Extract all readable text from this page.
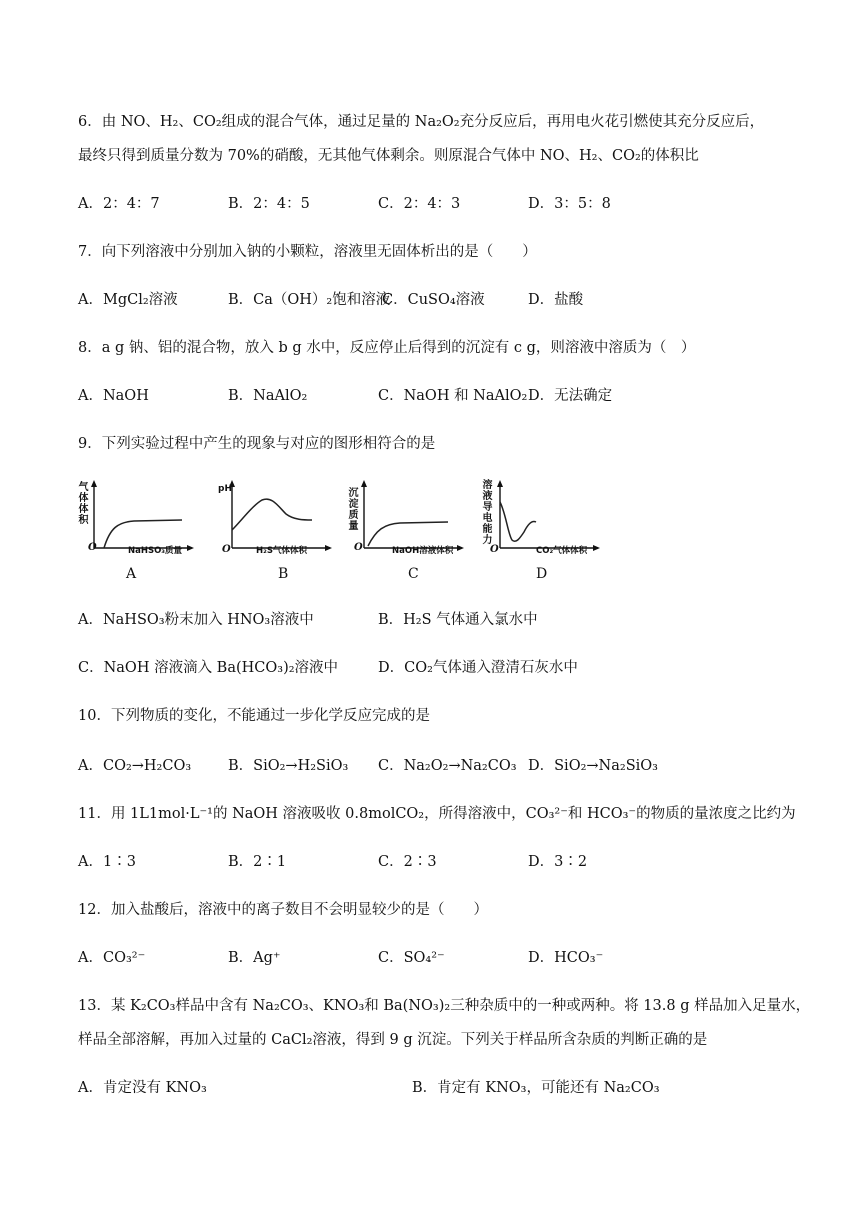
6．由 NO、H₂、CO₂组成的混合气体，通过足量的 Na₂O₂充分反应后，再用电火花引燃使其充分反应后，
最终只得到质量分数为 70%的硝酸，无其他气体剩余。则原混合气体中 NO、H₂、CO₂的体积比
A．2：4：7	B．2：4：5	C．2：4：3	D．3：5：8
7．向下列溶液中分别加入钠的小颗粒，溶液里无固体析出的是（　　）
A．MgCl₂溶液	B．Ca（OH）₂饱和溶液
C．CuSO₄溶液	D．盐酸
8．a g 钠、铝的混合物，放入 b g 水中，反应停止后得到的沉淀有 c g，则溶液中溶质为（　）
A．NaOH	B．NaAlO₂	C．NaOH 和 NaAlO₂ D．无法确定
9．下列实验过程中产生的现象与对应的图形相符合的是
气体体积
O	NaHSO₃质量
A
pH
O	H₂S气体体积
B
沉淀质量
O	NaOH溶液体积
C
溶液导电能力
O	CO₂气体体积
D
A．NaHSO₃粉末加入 HNO₃溶液中	B．H₂S 气体通入氯水中
C．NaOH 溶液滴入 Ba(HCO₃)₂溶液中	D．CO₂气体通入澄清石灰水中
10．下列物质的变化，不能通过一步化学反应完成的是
A．CO₂→H₂CO₃	B．SiO₂→H₂SiO₃ C．Na₂O₂→Na₂CO₃ D．SiO₂→Na₂SiO₃
11．用 1L1mol·L⁻¹的 NaOH 溶液吸收 0.8molCO₂，所得溶液中，CO₃²⁻和 HCO₃⁻的物质的量浓度之比约为
A．1∶3	B．2∶1	C．2∶3	D．3∶2
12．加入盐酸后，溶液中的离子数目不会明显较少的是（　　）
A．CO₃²⁻	B．Ag⁺	C．SO₄²⁻	D．HCO₃⁻
13．某 K₂CO₃样品中含有 Na₂CO₃、KNO₃和 Ba(NO₃)₂三种杂质中的一种或两种。将 13.8 g 样品加入足量水，
样品全部溶解，再加入过量的 CaCl₂溶液，得到 9 g 沉淀。下列关于样品所含杂质的判断正确的是
A．肯定没有 KNO₃	B．肯定有 KNO₃，可能还有 Na₂CO₃
